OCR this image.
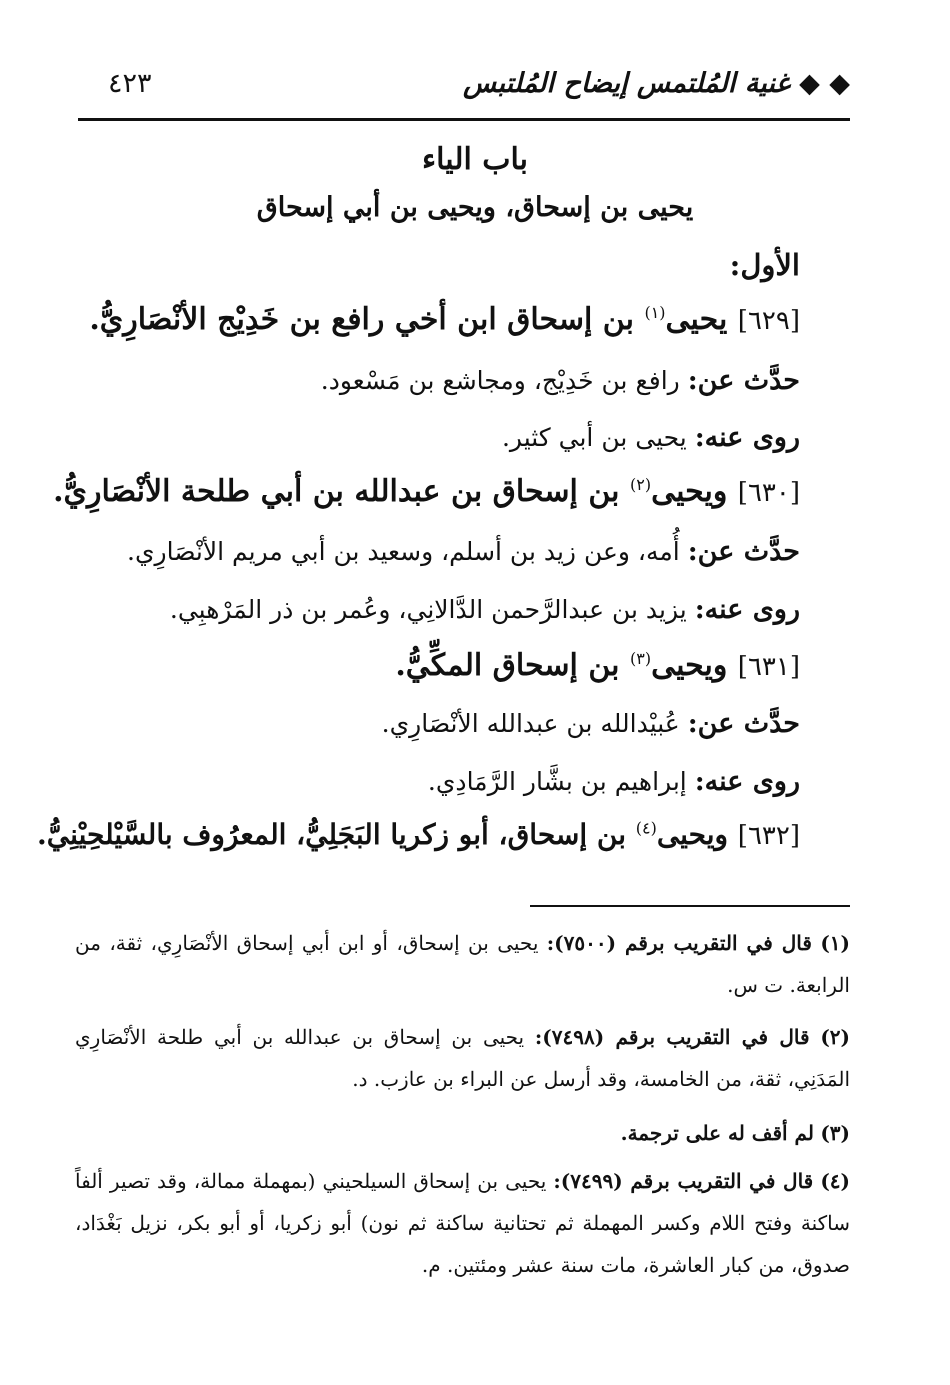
◆ ◆ غنية المُلتمس إيضاح المُلتبس
٤٢٣
باب الياء
يحيى بن إسحاق، ويحيى بن أبي إسحاق
الأول:
[٦٢٩] يحيى$^{(١)}$ بن إسحاق ابن أخي رافع بن خَدِيْج الأنْصَارِيُّ.
حدَّث عن: رافع بن خَدِيْج، ومجاشع بن مَسْعود.
روى عنه: يحيى بن أبي كثير.
[٦٣٠] ويحيى$^{(٢)}$ بن إسحاق بن عبدالله بن أبي طلحة الأنْصَارِيُّ.
حدَّث عن: أُمه، وعن زيد بن أسلم، وسعيد بن أبي مريم الأنْصَارِي.
روى عنه: يزيد بن عبدالرَّحمن الدَّالانِي، وعُمر بن ذر المَرْهبِي.
[٦٣١] ويحيى$^{(٣)}$ بن إسحاق المكِّيُّ.
حدَّث عن: عُبيْدالله بن عبدالله الأنْصَارِي.
روى عنه: إبراهيم بن بشَّار الرَّمَادِي.
[٦٣٢] ويحيى$^{(٤)}$ بن إسحاق، أبو زكريا البَجَلِيُّ، المعرُوف بالسَّيْلحِيْنِيُّ.
(١) قال في التقريب برقم (٧٥٠٠): يحيى بن إسحاق، أو ابن أبي إسحاق الأنْصَارِي، ثقة، من الرابعة. ت س.
(٢) قال في التقريب برقم (٧٤٩٨): يحيى بن إسحاق بن عبدالله بن أبي طلحة الأنْصَارِي المَدَنِي، ثقة، من الخامسة، وقد أرسل عن البراء بن عازب. د.
(٣) لم أقف له على ترجمة.
(٤) قال في التقريب برقم (٧٤٩٩): يحيى بن إسحاق السيلحيني (بمهملة ممالة، وقد تصير ألفاً ساكنة وفتح اللام وكسر المهملة ثم تحتانية ساكنة ثم نون) أبو زكريا، أو أبو بكر، نزيل بَغْدَاد، صدوق، من كبار العاشرة، مات سنة عشر ومئتين. م.
